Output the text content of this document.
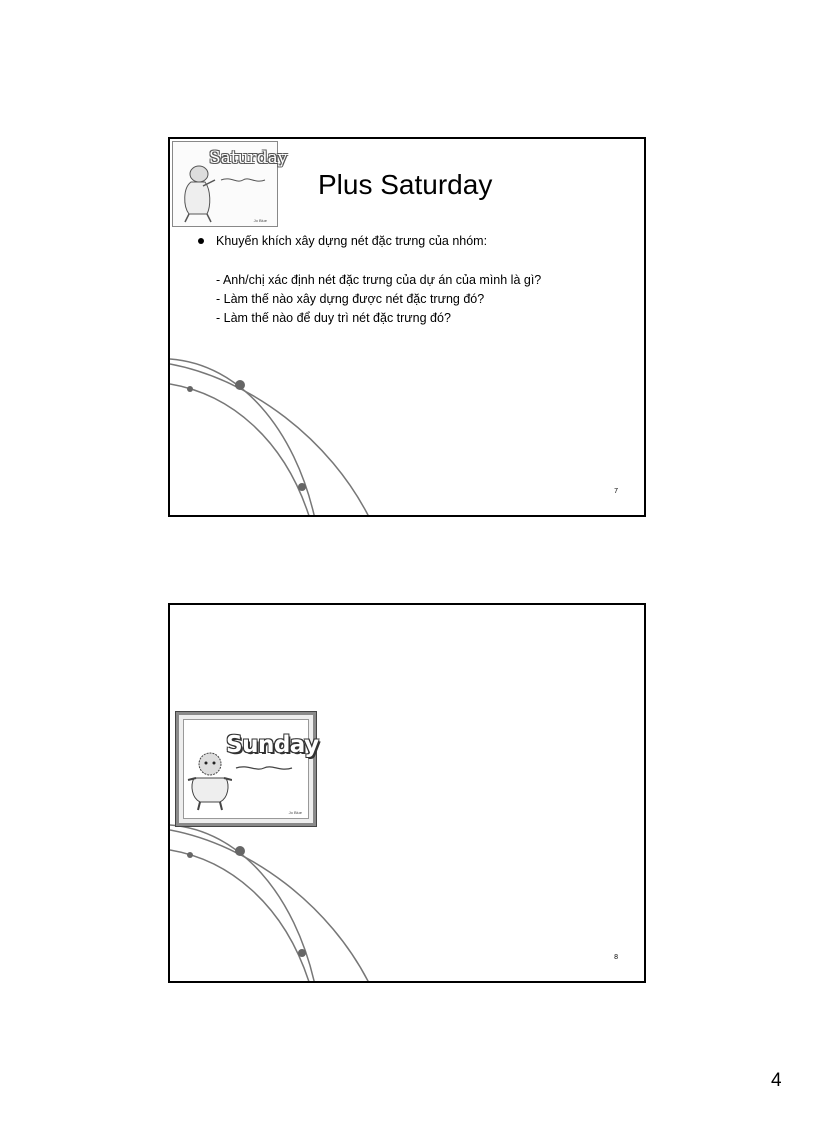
Saturday
Jo Blue
Plus Saturday
Khuyến khích xây dựng nét đặc trưng của nhóm:
- Anh/chị xác định nét đặc trưng của dự án của mình là gì?
- Làm thế nào xây dựng được nét đặc trưng đó?
- Làm thế nào để duy trì nét đặc trưng đó?
7
Sunday
Jo Blue
8
4
